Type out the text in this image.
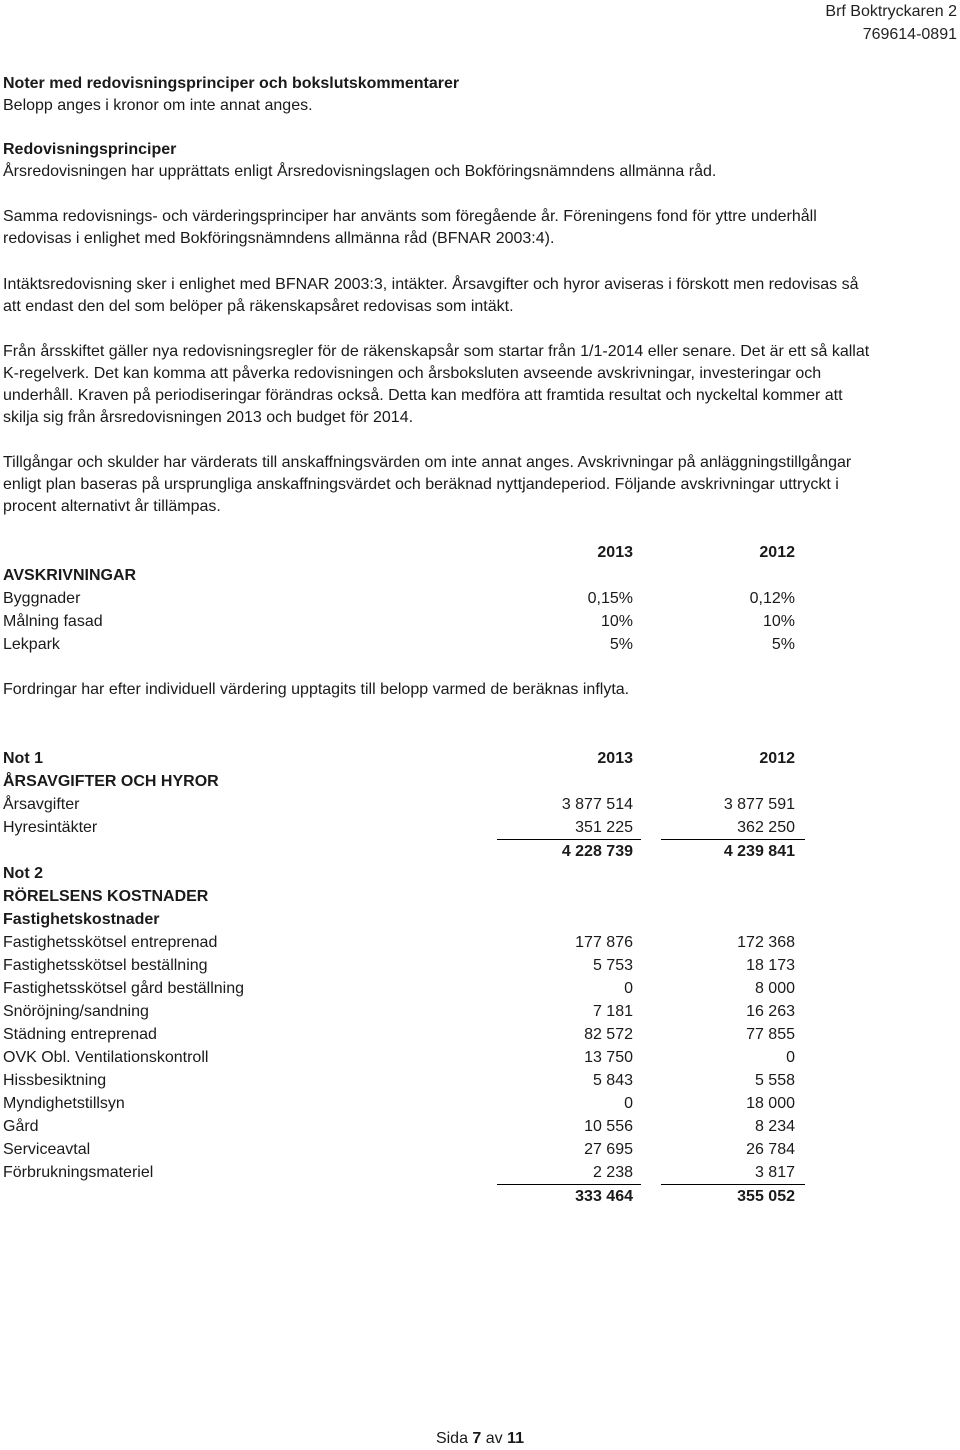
Brf Boktryckaren 2
769614-0891
Noter med redovisningsprinciper och bokslutskommentarer
Belopp anges i kronor om inte annat anges.
Redovisningsprinciper
Årsredovisningen har upprättats enligt Årsredovisningslagen och Bokföringsnämndens allmänna råd.
Samma redovisnings- och värderingsprinciper har använts som föregående år. Föreningens fond för yttre underhåll
redovisas i enlighet med Bokföringsnämndens allmänna råd (BFNAR 2003:4).
Intäktsredovisning sker i enlighet med BFNAR 2003:3, intäkter. Årsavgifter och hyror aviseras i förskott men redovisas så
att endast den del som belöper på räkenskapsåret redovisas som intäkt.
Från årsskiftet gäller nya redovisningsregler för de räkenskapsår som startar från 1/1-2014 eller senare. Det är ett så kallat
K-regelverk. Det kan komma att påverka redovisningen och årsboksluten avseende avskrivningar, investeringar och
underhåll. Kraven på periodiseringar förändras också. Detta kan medföra att framtida resultat och nyckeltal kommer att
skilja sig från årsredovisningen 2013 och budget för 2014.
Tillgångar och skulder har värderats till anskaffningsvärden om inte annat anges. Avskrivningar på anläggningstillgångar
enligt plan baseras på ursprungliga anskaffningsvärdet och beräknad nyttjandeperiod. Följande avskrivningar uttryckt i
procent alternativt år tillämpas.
2013	2012
AVSKRIVNINGAR
Byggnader	0,15%	0,12%
Målning fasad	10%	10%
Lekpark	5%	5%
Fordringar har efter individuell värdering upptagits till belopp varmed de beräknas inflyta.
Not 1	2013	2012
ÅRSAVGIFTER OCH HYROR
Årsavgifter	3 877 514	3 877 591
Hyresintäkter	351 225	362 250
4 228 739	4 239 841
Not 2
RÖRELSENS KOSTNADER
Fastighetskostnader
Fastighetsskötsel entreprenad	177 876	172 368
Fastighetsskötsel beställning	5 753	18 173
Fastighetsskötsel gård beställning	0	8 000
Snöröjning/sandning	7 181	16 263
Städning entreprenad	82 572	77 855
OVK Obl. Ventilationskontroll	13 750	0
Hissbesiktning	5 843	5 558
Myndighetstillsyn	0	18 000
Gård	10 556	8 234
Serviceavtal	27 695	26 784
Förbrukningsmateriel	2 238	3 817
333 464	355 052
Sida 7 av 11
